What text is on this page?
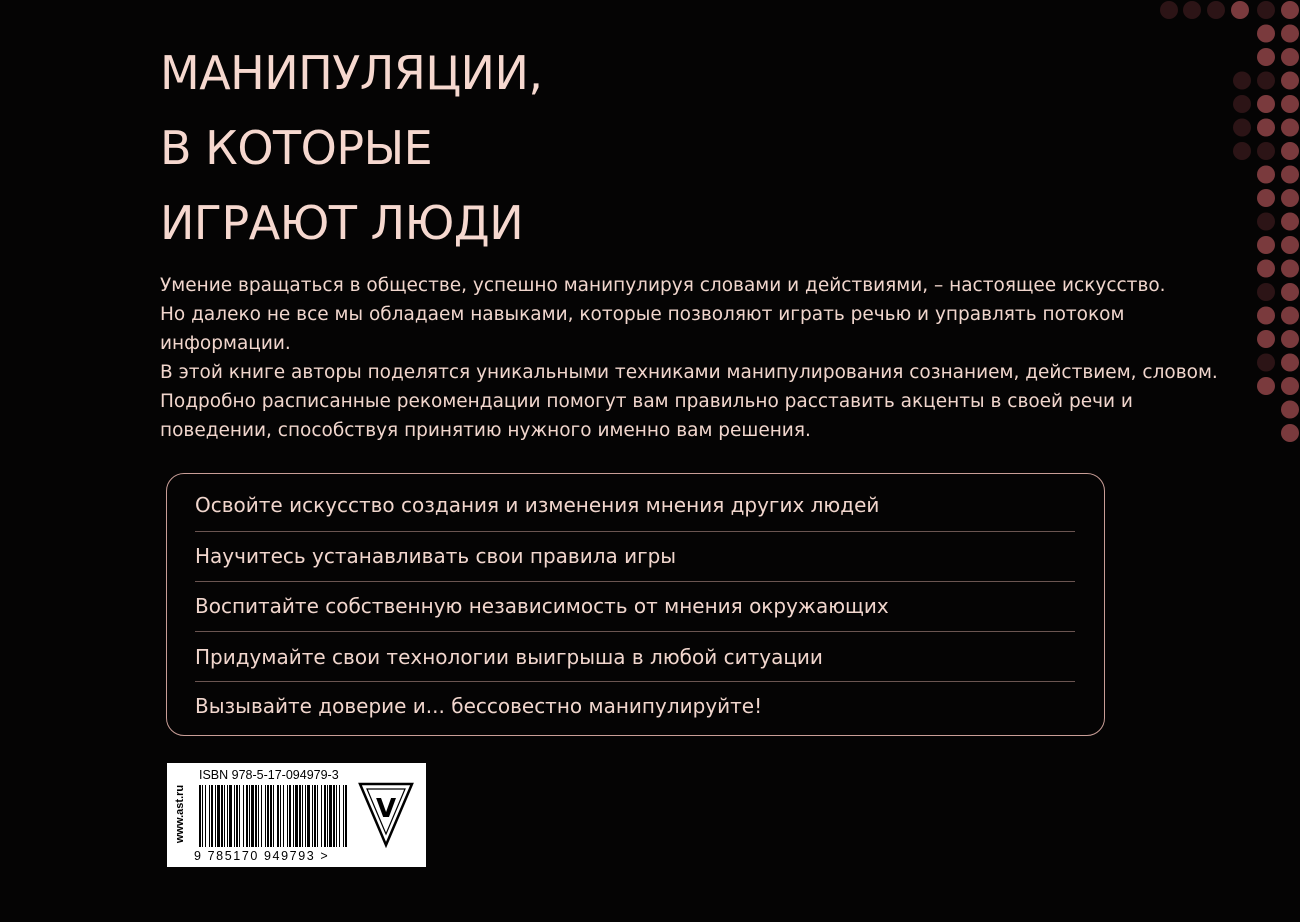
МАНИПУЛЯЦИИ,
В КОТОРЫЕ
ИГРАЮТ ЛЮДИ

Умение вращаться в обществе, успешно манипулируя словами и действиями, – настоящее искусство.

Но далеко не все мы обладаем навыками, которые позволяют играть речью и управлять потоком информации.

В этой книге авторы поделятся уникальными техниками манипулирования сознанием, действием, словом.

Подробно расписанные рекомендации помогут вам правильно расставить акценты в своей речи и поведении, способствуя принятию нужного именно вам решения.

Освойте искусство создания и изменения мнения других людей
Научитесь устанавливать свои правила игры
Воспитайте собственную независимость от мнения окружающих
Придумайте свои технологии выигрыша в любой ситуации
Вызывайте доверие и... бессовестно манипулируйте!
www.ast.ru
ISBN 978-5-17-094979-3
9 785170 949793 >
V
